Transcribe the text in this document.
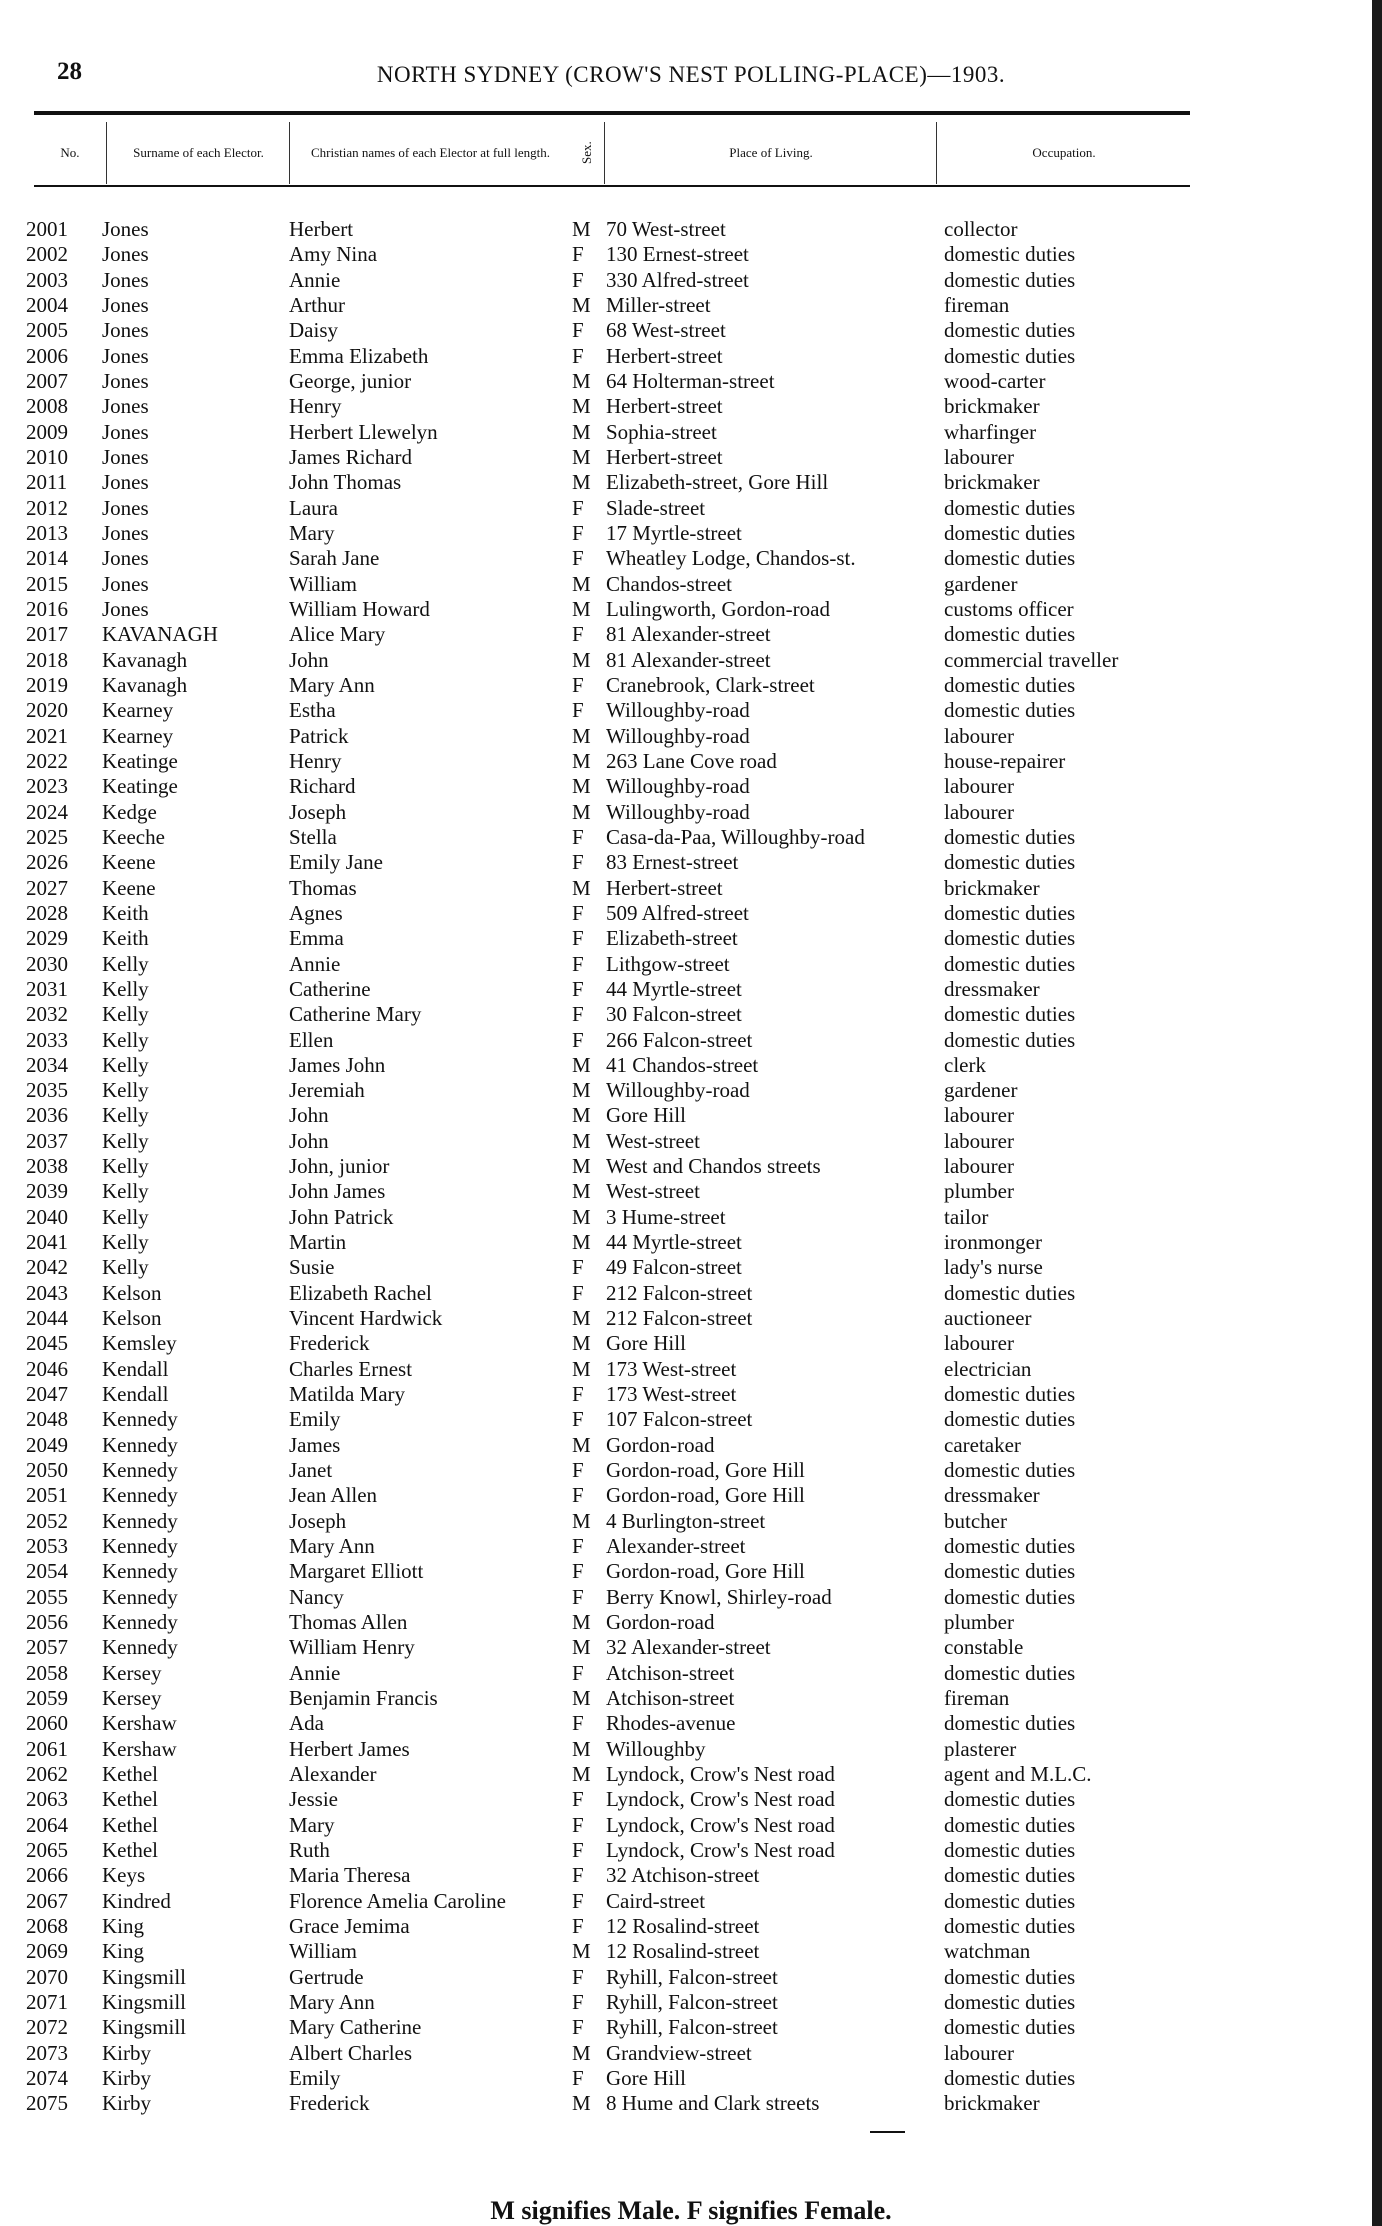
28	NORTH SYDNEY (CROW'S NEST POLLING-PLACE)—1903.
No.	Surname of each Elector.	Christian names of each Elector at full length.	Sex.	Place of Living.	Occupation.
2001 Jones	Herbert	M 70 West-street	collector
2002 Jones	Amy Nina	F 130 Ernest-street	domestic duties
2003 Jones	Annie	F 330 Alfred-street	domestic duties
2004 Jones	Arthur	M Miller-street	fireman
2005 Jones	Daisy	F 68 West-street	domestic duties
2006 Jones	Emma Elizabeth	F Herbert-street	domestic duties
2007 Jones	George, junior	M 64 Holterman-street	wood-carter
2008 Jones	Henry	M Herbert-street	brickmaker
2009 Jones	Herbert Llewelyn	M Sophia-street	wharfinger
2010 Jones	James Richard	M Herbert-street	labourer
2011 Jones	John Thomas	M Elizabeth-street, Gore Hill	brickmaker
2012 Jones	Laura	F Slade-street	domestic duties
2013 Jones	Mary	F 17 Myrtle-street	domestic duties
2014 Jones	Sarah Jane	F Wheatley Lodge, Chandos-st.	domestic duties
2015 Jones	William	M Chandos-street	gardener
2016 Jones	William Howard	M Lulingworth, Gordon-road	customs officer
2017 KAVANAGH	Alice Mary	F 81 Alexander-street	domestic duties
2018 Kavanagh	John	M 81 Alexander-street	commercial traveller
2019 Kavanagh	Mary Ann	F Cranebrook, Clark-street	domestic duties
2020 Kearney	Estha	F Willoughby-road	domestic duties
2021 Kearney	Patrick	M Willoughby-road	labourer
2022 Keatinge	Henry	M 263 Lane Cove road	house-repairer
2023 Keatinge	Richard	M Willoughby-road	labourer
2024 Kedge	Joseph	M Willoughby-road	labourer
2025 Keeche	Stella	F Casa-da-Paa, Willoughby-road	domestic duties
2026 Keene	Emily Jane	F 83 Ernest-street	domestic duties
2027 Keene	Thomas	M Herbert-street	brickmaker
2028 Keith	Agnes	F 509 Alfred-street	domestic duties
2029 Keith	Emma	F Elizabeth-street	domestic duties
2030 Kelly	Annie	F Lithgow-street	domestic duties
2031 Kelly	Catherine	F 44 Myrtle-street	dressmaker
2032 Kelly	Catherine Mary	F 30 Falcon-street	domestic duties
2033 Kelly	Ellen	F 266 Falcon-street	domestic duties
2034 Kelly	James John	M 41 Chandos-street	clerk
2035 Kelly	Jeremiah	M Willoughby-road	gardener
2036 Kelly	John	M Gore Hill	labourer
2037 Kelly	John	M West-street	labourer
2038 Kelly	John, junior	M West and Chandos streets	labourer
2039 Kelly	John James	M West-street	plumber
2040 Kelly	John Patrick	M 3 Hume-street	tailor
2041 Kelly	Martin	M 44 Myrtle-street	ironmonger
2042 Kelly	Susie	F 49 Falcon-street	lady's nurse
2043 Kelson	Elizabeth Rachel	F 212 Falcon-street	domestic duties
2044 Kelson	Vincent Hardwick	M 212 Falcon-street	auctioneer
2045 Kemsley	Frederick	M Gore Hill	labourer
2046 Kendall	Charles Ernest	M 173 West-street	electrician
2047 Kendall	Matilda Mary	F 173 West-street	domestic duties
2048 Kennedy	Emily	F 107 Falcon-street	domestic duties
2049 Kennedy	James	M Gordon-road	caretaker
2050 Kennedy	Janet	F Gordon-road, Gore Hill	domestic duties
2051 Kennedy	Jean Allen	F Gordon-road, Gore Hill	dressmaker
2052 Kennedy	Joseph	M 4 Burlington-street	butcher
2053 Kennedy	Mary Ann	F Alexander-street	domestic duties
2054 Kennedy	Margaret Elliott	F Gordon-road, Gore Hill	domestic duties
2055 Kennedy	Nancy	F Berry Knowl, Shirley-road	domestic duties
2056 Kennedy	Thomas Allen	M Gordon-road	plumber
2057 Kennedy	William Henry	M 32 Alexander-street	constable
2058 Kersey	Annie	F Atchison-street	domestic duties
2059 Kersey	Benjamin Francis	M Atchison-street	fireman
2060 Kershaw	Ada	F Rhodes-avenue	domestic duties
2061 Kershaw	Herbert James	M Willoughby	plasterer
2062 Kethel	Alexander	M Lyndock, Crow's Nest road	agent and M.L.C.
2063 Kethel	Jessie	F Lyndock, Crow's Nest road	domestic duties
2064 Kethel	Mary	F Lyndock, Crow's Nest road	domestic duties
2065 Kethel	Ruth	F Lyndock, Crow's Nest road	domestic duties
2066 Keys	Maria Theresa	F 32 Atchison-street	domestic duties
2067 Kindred	Florence Amelia Caroline	F Caird-street	domestic duties
2068 King	Grace Jemima	F 12 Rosalind-street	domestic duties
2069 King	William	M 12 Rosalind-street	watchman
2070 Kingsmill	Gertrude	F Ryhill, Falcon-street	domestic duties
2071 Kingsmill	Mary Ann	F Ryhill, Falcon-street	domestic duties
2072 Kingsmill	Mary Catherine	F Ryhill, Falcon-street	domestic duties
2073 Kirby	Albert Charles	M Grandview-street	labourer
2074 Kirby	Emily	F Gore Hill	domestic duties
2075 Kirby	Frederick	M 8 Hume and Clark streets	brickmaker
M signifies Male. F signifies Female.
